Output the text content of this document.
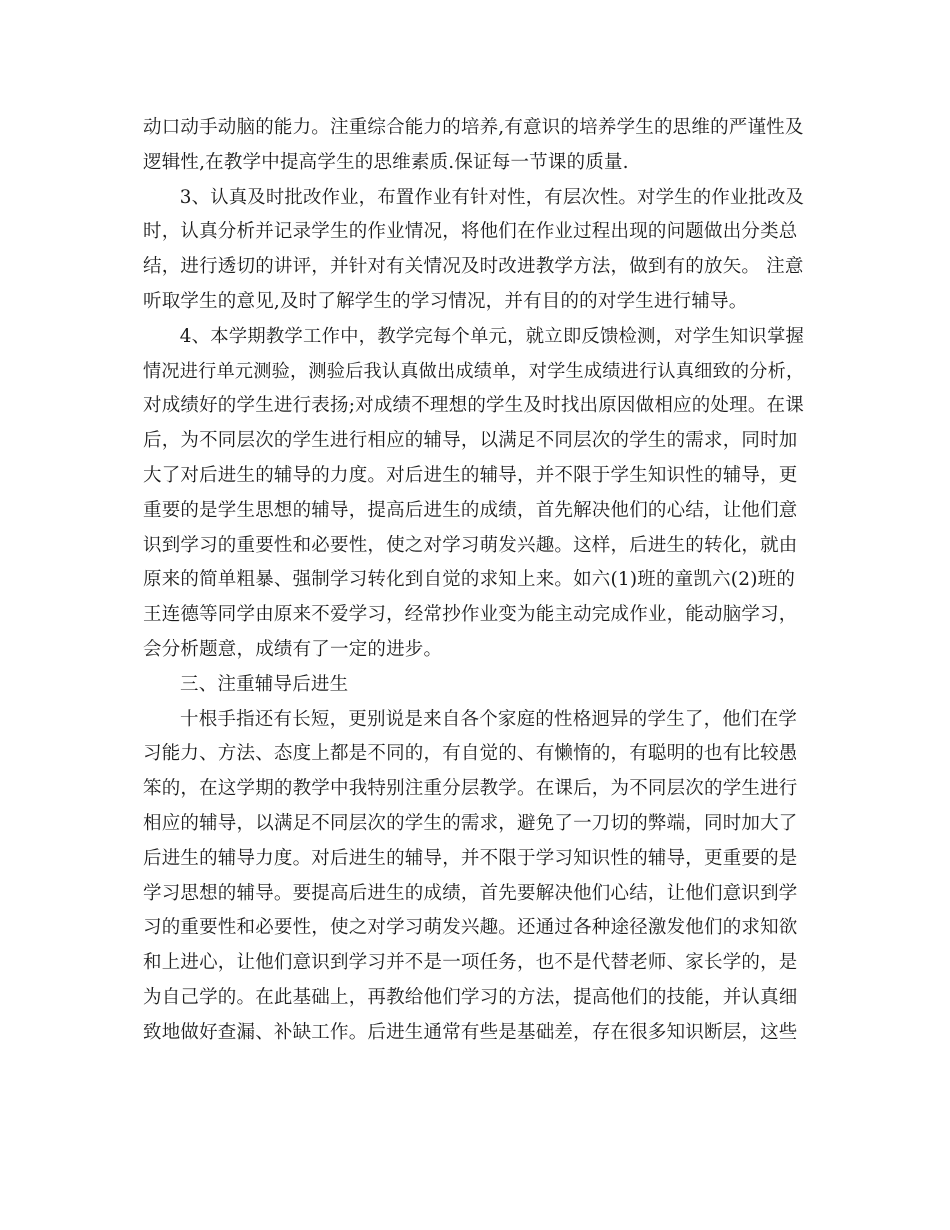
动口动手动脑的能力。注重综合能力的培养,有意识的培养学生的思维的严谨性及
逻辑性,在教学中提高学生的思维素质.保证每一节课的质量.
3、认真及时批改作业，布置作业有针对性，有层次性。对学生的作业批改及
时，认真分析并记录学生的作业情况，将他们在作业过程出现的问题做出分类总
结，进行透切的讲评，并针对有关情况及时改进教学方法，做到有的放矢。 注意
听取学生的意见,及时了解学生的学习情况，并有目的的对学生进行辅导。
4、本学期教学工作中，教学完每个单元，就立即反馈检测，对学生知识掌握
情况进行单元测验，测验后我认真做出成绩单，对学生成绩进行认真细致的分析，
对成绩好的学生进行表扬;对成绩不理想的学生及时找出原因做相应的处理。在课
后，为不同层次的学生进行相应的辅导，以满足不同层次的学生的需求，同时加
大了对后进生的辅导的力度。对后进生的辅导，并不限于学生知识性的辅导，更
重要的是学生思想的辅导，提高后进生的成绩，首先解决他们的心结，让他们意
识到学习的重要性和必要性，使之对学习萌发兴趣。这样，后进生的转化，就由
原来的简单粗暴、强制学习转化到自觉的求知上来。如六(1)班的童凯六(2)班的
王连德等同学由原来不爱学习，经常抄作业变为能主动完成作业，能动脑学习，
会分析题意，成绩有了一定的进步。
三、注重辅导后进生
十根手指还有长短，更别说是来自各个家庭的性格迥异的学生了，他们在学
习能力、方法、态度上都是不同的，有自觉的、有懒惰的，有聪明的也有比较愚
笨的，在这学期的教学中我特别注重分层教学。在课后，为不同层次的学生进行
相应的辅导，以满足不同层次的学生的需求，避免了一刀切的弊端，同时加大了
后进生的辅导力度。对后进生的辅导，并不限于学习知识性的辅导，更重要的是
学习思想的辅导。要提高后进生的成绩，首先要解决他们心结，让他们意识到学
习的重要性和必要性，使之对学习萌发兴趣。还通过各种途径激发他们的求知欲
和上进心，让他们意识到学习并不是一项任务，也不是代替老师、家长学的，是
为自己学的。在此基础上，再教给他们学习的方法，提高他们的技能，并认真细
致地做好查漏、补缺工作。后进生通常有些是基础差，存在很多知识断层，这些
